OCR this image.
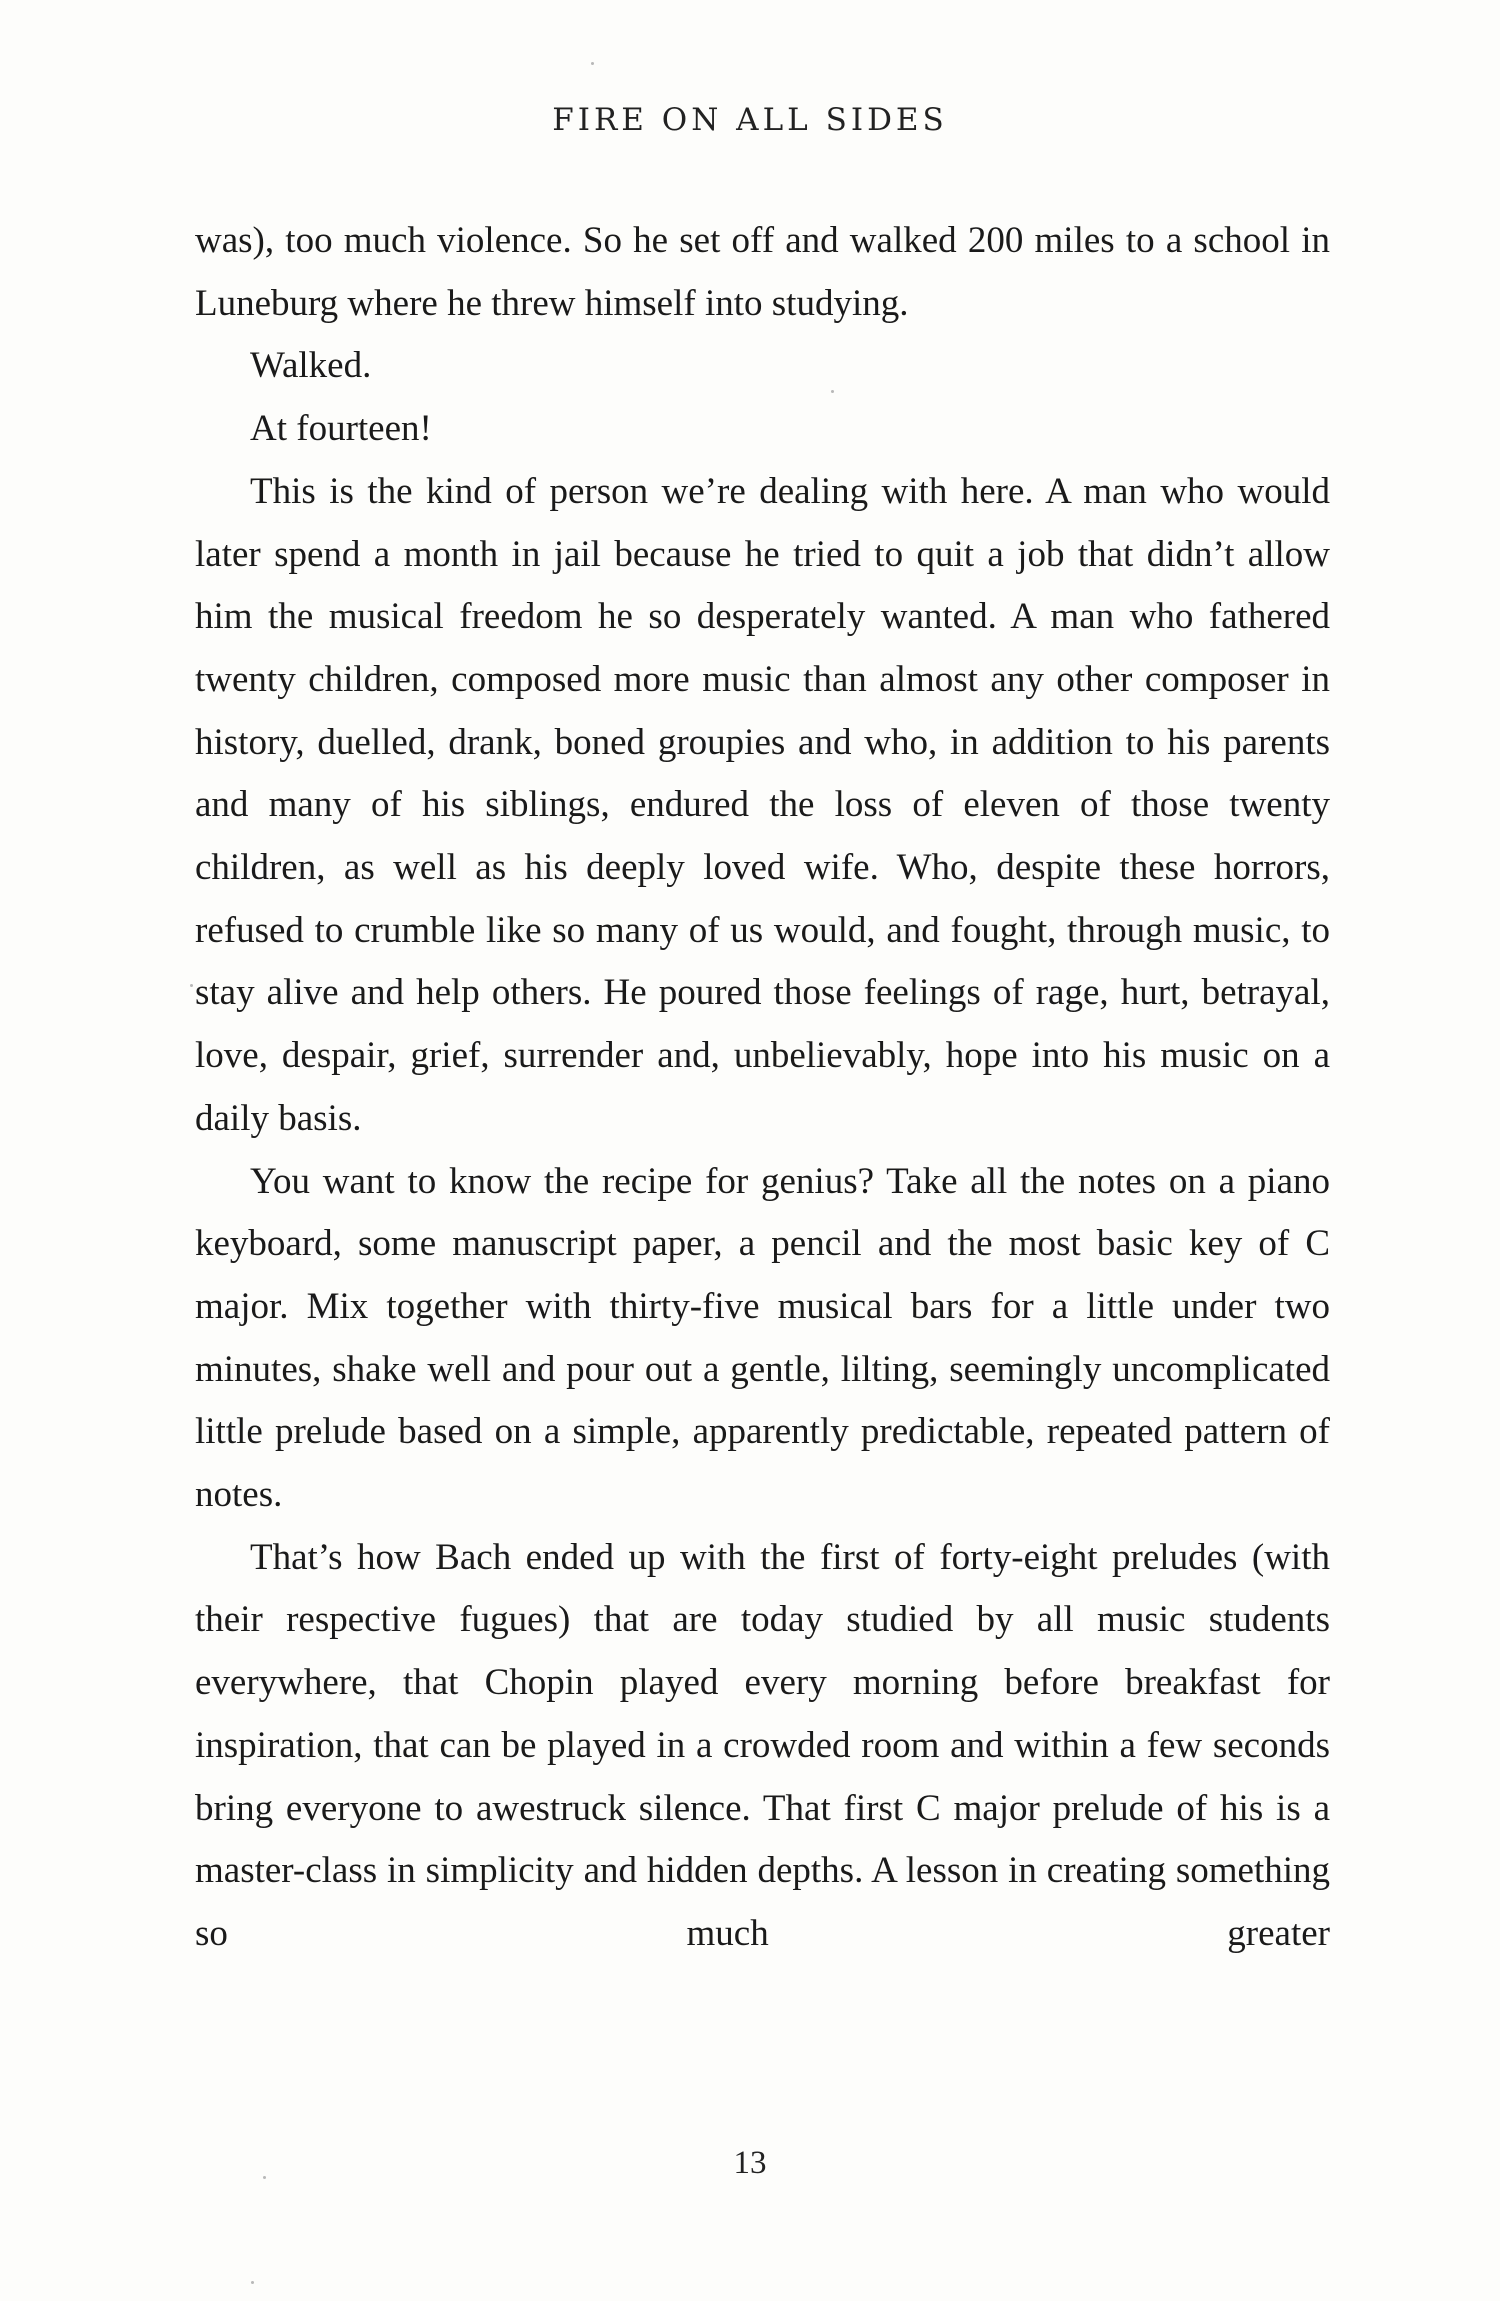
FIRE ON ALL SIDES

was), too much violence. So he set off and walked 200 miles to a school in Luneburg where he threw himself into studying.

Walked.

At fourteen!

This is the kind of person we’re dealing with here. A man who would later spend a month in jail because he tried to quit a job that didn’t allow him the musical freedom he so desperately wanted. A man who fathered twenty children, composed more music than almost any other composer in history, duelled, drank, boned groupies and who, in addition to his parents and many of his siblings, endured the loss of eleven of those twenty children, as well as his deeply loved wife. Who, despite these horrors, refused to crumble like so many of us would, and fought, through music, to stay alive and help others. He poured those feelings of rage, hurt, betrayal, love, despair, grief, surrender and, unbelievably, hope into his music on a daily basis.

You want to know the recipe for genius? Take all the notes on a piano keyboard, some manuscript paper, a pencil and the most basic key of C major. Mix together with thirty-five musical bars for a little under two minutes, shake well and pour out a gentle, lilting, seemingly uncomplicated little prelude based on a simple, apparently predictable, repeated pattern of notes.

That’s how Bach ended up with the first of forty-eight preludes (with their respective fugues) that are today studied by all music students everywhere, that Chopin played every morning before breakfast for inspiration, that can be played in a crowded room and within a few seconds bring everyone to awestruck silence. That first C major prelude of his is a master-class in simplicity and hidden depths. A lesson in creating something so much greater

13
